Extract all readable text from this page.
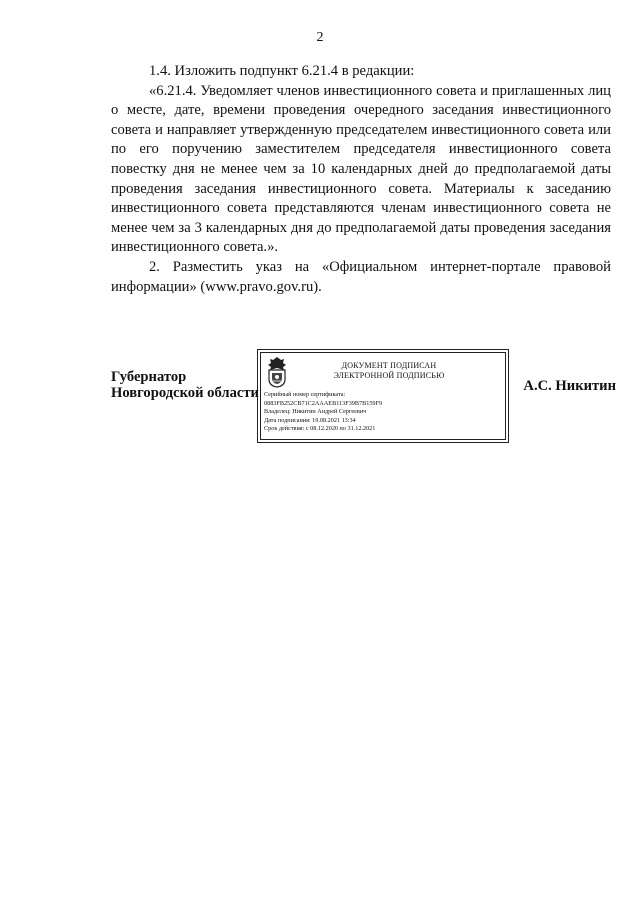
2

1.4. Изложить подпункт 6.21.4 в редакции:

«6.21.4. Уведомляет членов инвестиционного совета и приглашенных лиц о месте, дате, времени проведения очередного заседания инвестиционного совета и направляет утвержденную председателем инвестиционного совета или по его поручению заместителем председателя инвестиционного совета повестку дня не менее чем за 10 календарных дней до предполагаемой даты проведения заседания инвестиционного совета. Материалы к заседанию инвестиционного совета представляются членам инвестиционного совета не менее чем за 3 календарных дня до предполагаемой даты проведения заседания инвестиционного совета.».

2. Разместить указ на «Официальном интернет-портале правовой информации» (www.pravo.gov.ru).

Губернатор
Новгородской области
ДОКУМЕНТ ПОДПИСАН
ЭЛЕКТРОННОЙ ПОДПИСЬЮ
Серийный номер сертификата:
0883FB252CB71C2AAAEB113F39B7B159F9
Владелец: Никитин Андрей Сергеевич
Дата подписания: 19.08.2021 13:34
Срок действия: с 08.12.2020 по 31.12.2021
А.С. Никитин
